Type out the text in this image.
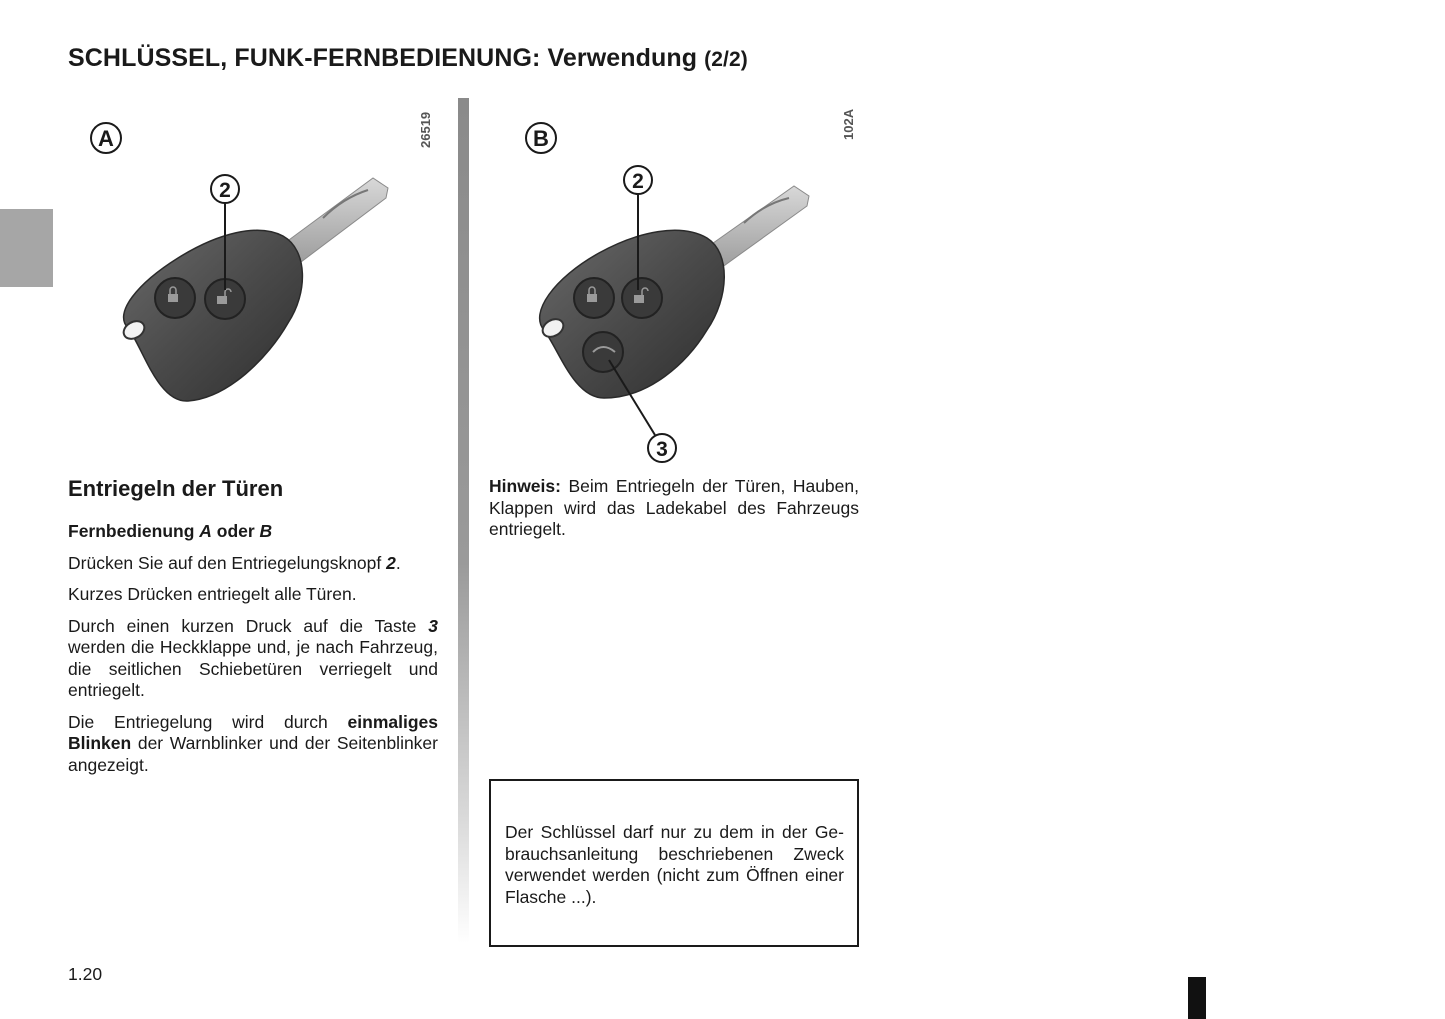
SCHLÜSSEL, FUNK-FERNBEDIENUNG: Verwendung (2/2)
A
2
26519	B
2
3
102A
Entriegeln der Türen

Fernbedienung A oder B

Drücken Sie auf den Entriegelungsknopf 2.

Kurzes Drücken entriegelt alle Türen.

Durch einen kurzen Druck auf die Taste 3 werden die Heckklappe und, je nach Fahrzeug, die seitlichen Schiebetüren verriegelt und entriegelt.

Die Entriegelung wird durch einmaliges Blinken der Warnblinker und der Seitenblinker angezeigt.

Hinweis: Beim Entriegeln der Türen, Hauben, Klappen wird das Ladekabel des Fahrzeugs entriegelt.

Der Schlüssel darf nur zu dem in der Gebrauchsanleitung beschriebenen Zweck verwendet werden (nicht zum Öffnen einer Flasche ...).

1.20
